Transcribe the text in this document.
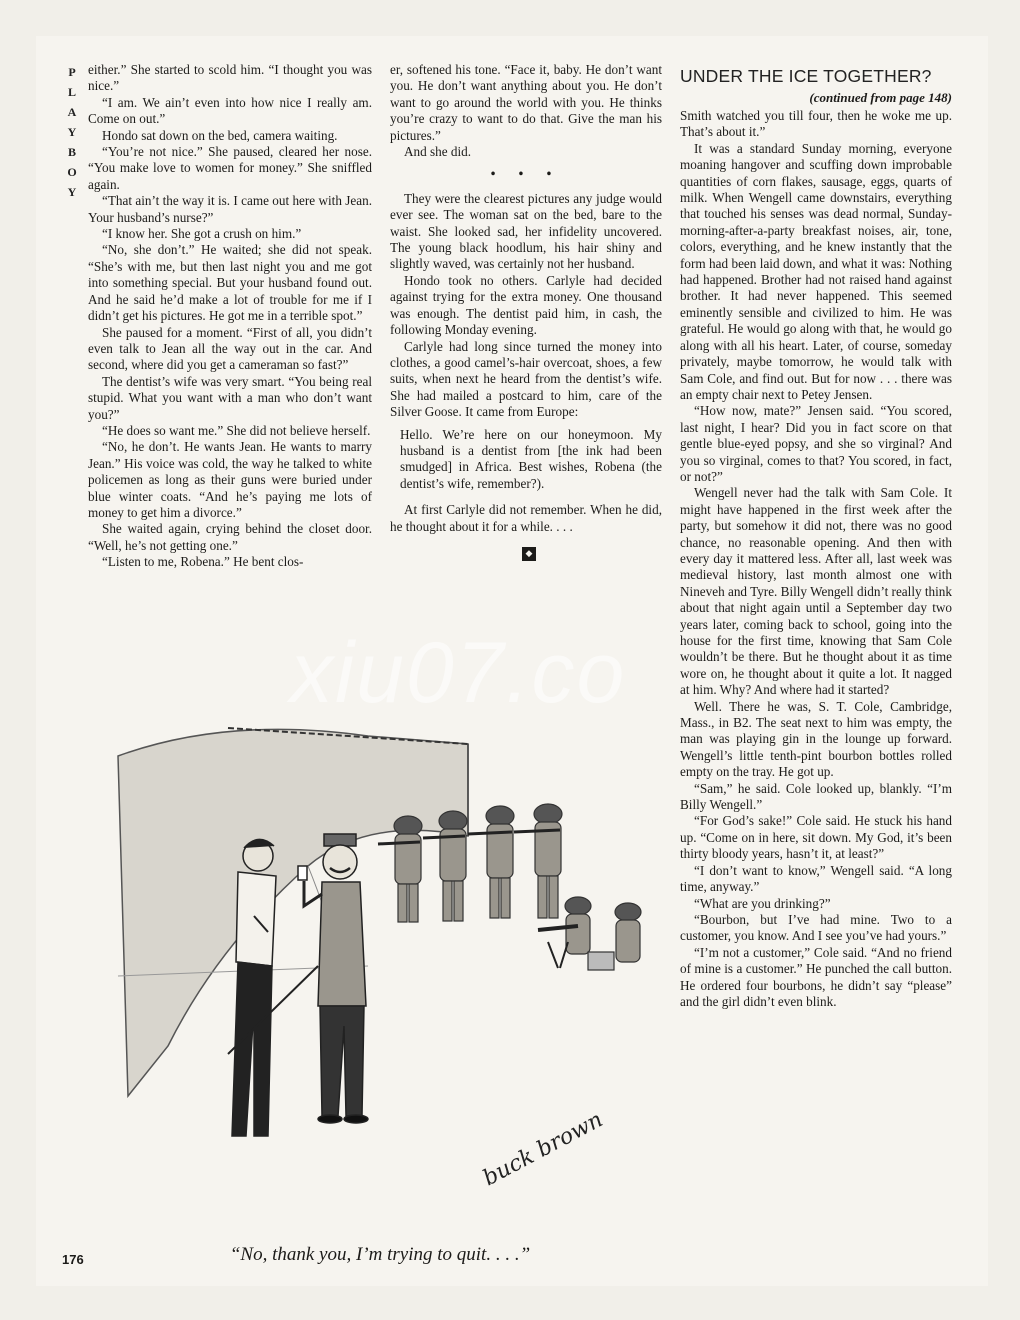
P
L
A
Y
B
O
Y

either.” She started to scold him. “I thought you was nice.”

“I am. We ain’t even into how nice I really am. Come on out.”

Hondo sat down on the bed, camera waiting.

“You’re not nice.” She paused, cleared her nose. “You make love to women for money.” She sniffled again.

“That ain’t the way it is. I came out here with Jean. Your husband’s nurse?”

“I know her. She got a crush on him.”

“No, she don’t.” He waited; she did not speak. “She’s with me, but then last night you and me got into something special. But your husband found out. And he said he’d make a lot of trouble for me if I didn’t get his pictures. He got me in a terrible spot.”

She paused for a moment. “First of all, you didn’t even talk to Jean all the way out in the car. And second, where did you get a cameraman so fast?”

The dentist’s wife was very smart. “You being real stupid. What you want with a man who don’t want you?”

“He does so want me.” She did not believe herself.

“No, he don’t. He wants Jean. He wants to marry Jean.” His voice was cold, the way he talked to white policemen as long as their guns were buried under blue winter coats. “And he’s paying me lots of money to get him a divorce.”

She waited again, crying behind the closet door. “Well, he’s not getting one.”

“Listen to me, Robena.” He bent clos-

er, softened his tone. “Face it, baby. He don’t want you. He don’t want anything about you. He don’t want to go around the world with you. He thinks you’re crazy to want to do that. Give the man his pictures.”

And she did.

• • •

They were the clearest pictures any judge would ever see. The woman sat on the bed, bare to the waist. She looked sad, her infidelity uncovered. The young black hoodlum, his hair shiny and slightly waved, was certainly not her husband.

Hondo took no others. Carlyle had decided against trying for the extra money. One thousand was enough. The dentist paid him, in cash, the following Monday evening.

Carlyle had long since turned the money into clothes, a good camel’s-hair overcoat, shoes, a few suits, when next he heard from the dentist’s wife. She had mailed a postcard to him, care of the Silver Goose. It came from Europe:

Hello. We’re here on our honeymoon. My husband is a dentist from [the ink had been smudged] in Africa. Best wishes, Robena (the dentist’s wife, remember?).

At first Carlyle did not remember. When he did, he thought about it for a while. . . .

◆
UNDER THE ICE TOGETHER?
(continued from page 148)

Smith watched you till four, then he woke me up. That’s about it.”

It was a standard Sunday morning, everyone moaning hangover and scuffing down improbable quantities of corn flakes, sausage, eggs, quarts of milk. When Wengell came downstairs, everything that touched his senses was dead normal, Sunday-morning-after-a-party breakfast noises, air, tone, colors, everything, and he knew instantly that the form had been laid down, and what it was: Nothing had happened. Brother had not raised hand against brother. It had never happened. This seemed eminently sensible and civilized to him. He was grateful. He would go along with that, he would go along with all his heart. Later, of course, someday privately, maybe tomorrow, he would talk with Sam Cole, and find out. But for now . . . there was an empty chair next to Petey Jensen.

“How now, mate?” Jensen said. “You scored, last night, I hear? Did you in fact score on that gentle blue-eyed popsy, and she so virginal? And you so virginal, comes to that? You scored, in fact, or not?”

Wengell never had the talk with Sam Cole. It might have happened in the first week after the party, but somehow it did not, there was no good chance, no reasonable opening. And then with every day it mattered less. After all, last week was medieval history, last month almost one with Nineveh and Tyre. Billy Wengell didn’t really think about that night again until a September day two years later, coming back to school, going into the house for the first time, knowing that Sam Cole wouldn’t be there. But he thought about it as time wore on, he thought about it quite a lot. It nagged at him. Why? And where had it started?

Well. There he was, S. T. Cole, Cambridge, Mass., in B2. The seat next to him was empty, the man was playing gin in the lounge up forward. Wengell’s little tenth-pint bourbon bottles rolled empty on the tray. He got up.

“Sam,” he said. Cole looked up, blankly. “I’m Billy Wengell.”

“For God’s sake!” Cole said. He stuck his hand up. “Come on in here, sit down. My God, it’s been thirty bloody years, hasn’t it, at least?”

“I don’t want to know,” Wengell said. “A long time, anyway.”

“What are you drinking?”

“Bourbon, but I’ve had mine. Two to a customer, you know. And I see you’ve had yours.”

“I’m not a customer,” Cole said. “And no friend of mine is a customer.” He punched the call button. He ordered four bourbons, he didn’t say “please” and the girl didn’t even blink.

buck brown
“No, thank you, I’m trying to quit. . . .”
176
xiu07.co
